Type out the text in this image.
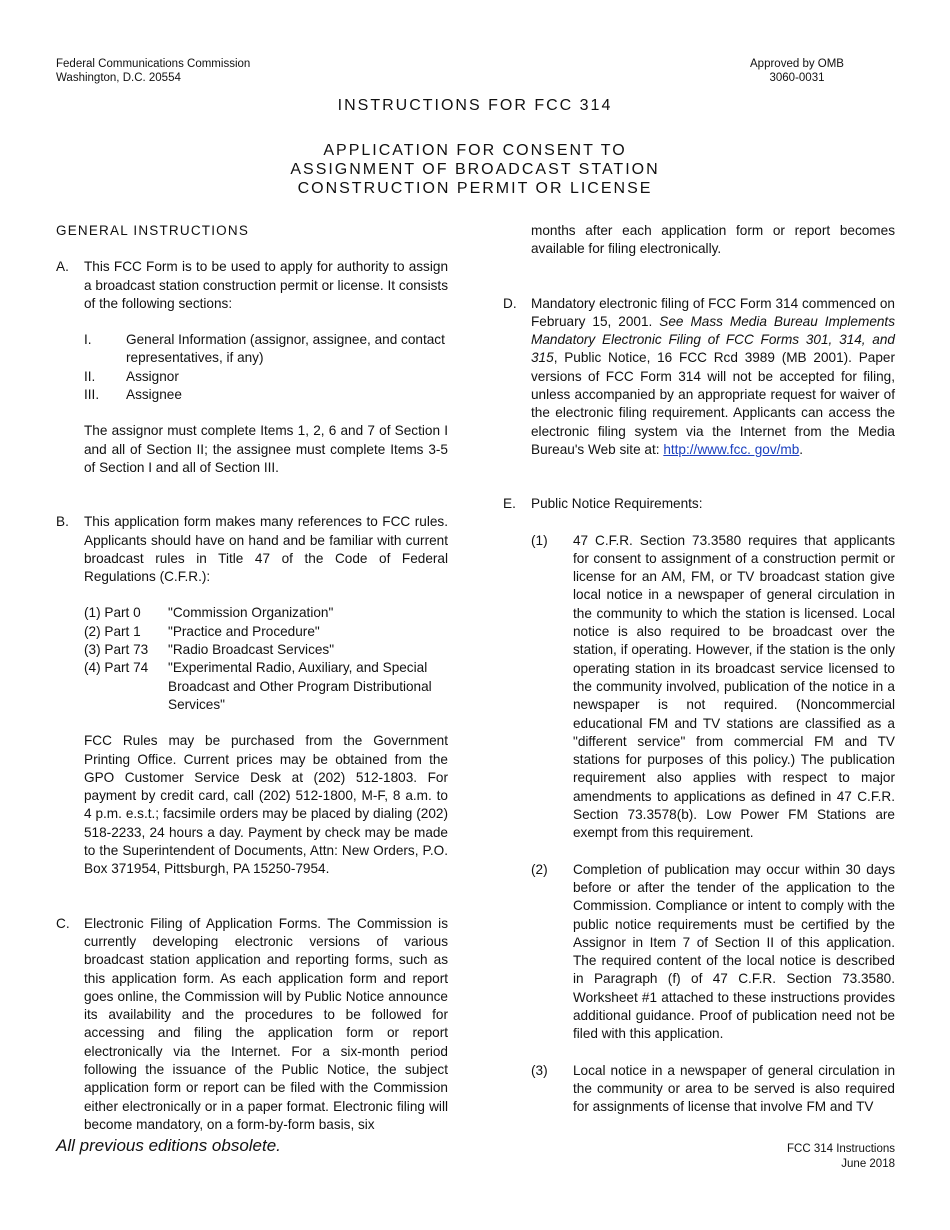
Federal Communications Commission
Washington, D.C. 20554
Approved by OMB
3060-0031
INSTRUCTIONS FOR FCC 314
APPLICATION FOR CONSENT TO
ASSIGNMENT OF BROADCAST STATION
CONSTRUCTION PERMIT OR LICENSE
GENERAL INSTRUCTIONS
A.	This FCC Form is to be used to apply for authority to assign a broadcast station construction permit or license. It consists of the following sections:

I.	General Information (assignor, assignee, and contact representatives, if any)
II.	Assignor
III.	Assignee

The assignor must complete Items 1, 2, 6 and 7 of Section I and all of Section II; the assignee must complete Items 3-5 of Section I and all of Section III.

B.	This application form makes many references to FCC rules. Applicants should have on hand and be familiar with current broadcast rules in Title 47 of the Code of Federal Regulations (C.F.R.):

(1) Part 0	"Commission Organization"
(2) Part 1	"Practice and Procedure"
(3) Part 73	"Radio Broadcast Services"
(4) Part 74	"Experimental Radio, Auxiliary, and Special Broadcast and Other Program Distributional Services"

FCC Rules may be purchased from the Government Printing Office. Current prices may be obtained from the GPO Customer Service Desk at (202) 512-1803. For payment by credit card, call (202) 512-1800, M-F, 8 a.m. to 4 p.m. e.s.t.; facsimile orders may be placed by dialing (202) 518-2233, 24 hours a day. Payment by check may be made to the Superintendent of Documents, Attn: New Orders, P.O. Box 371954, Pittsburgh, PA 15250-7954.

C.	Electronic Filing of Application Forms. The Commission is currently developing electronic versions of various broadcast station application and reporting forms, such as this application form. As each application form and report goes online, the Commission will by Public Notice announce its availability and the procedures to be followed for accessing and filing the application form or report electronically via the Internet. For a six-month period following the issuance of the Public Notice, the subject application form or report can be filed with the Commission either electronically or in a paper format. Electronic filing will become mandatory, on a form-by-form basis, six

months after each application form or report becomes available for filing electronically.

D.	Mandatory electronic filing of FCC Form 314 commenced on February 15, 2001. See Mass Media Bureau Implements Mandatory Electronic Filing of FCC Forms 301, 314, and 315, Public Notice, 16 FCC Rcd 3989 (MB 2001). Paper versions of FCC Form 314 will not be accepted for filing, unless accompanied by an appropriate request for waiver of the electronic filing requirement. Applicants can access the electronic filing system via the Internet from the Media Bureau's Web site at: http://www.fcc. gov/mb.

E.	Public Notice Requirements:

(1)	47 C.F.R. Section 73.3580 requires that applicants for consent to assignment of a construction permit or license for an AM, FM, or TV broadcast station give local notice in a newspaper of general circulation in the community to which the station is licensed. Local notice is also required to be broadcast over the station, if operating. However, if the station is the only operating station in its broadcast service licensed to the community involved, publication of the notice in a newspaper is not required. (Noncommercial educational FM and TV stations are classified as a "different service" from commercial FM and TV stations for purposes of this policy.) The publication requirement also applies with respect to major amendments to applications as defined in 47 C.F.R. Section 73.3578(b). Low Power FM Stations are exempt from this requirement.
(2)	Completion of publication may occur within 30 days before or after the tender of the application to the Commission. Compliance or intent to comply with the public notice requirements must be certified by the Assignor in Item 7 of Section II of this application. The required content of the local notice is described in Paragraph (f) of 47 C.F.R. Section 73.3580. Worksheet #1 attached to these instructions provides additional guidance. Proof of publication need not be filed with this application.
(3)	Local notice in a newspaper of general circulation in the community or area to be served is also required for assignments of license that involve FM and TV
All previous editions obsolete.	FCC 314 Instructions
June 2018
